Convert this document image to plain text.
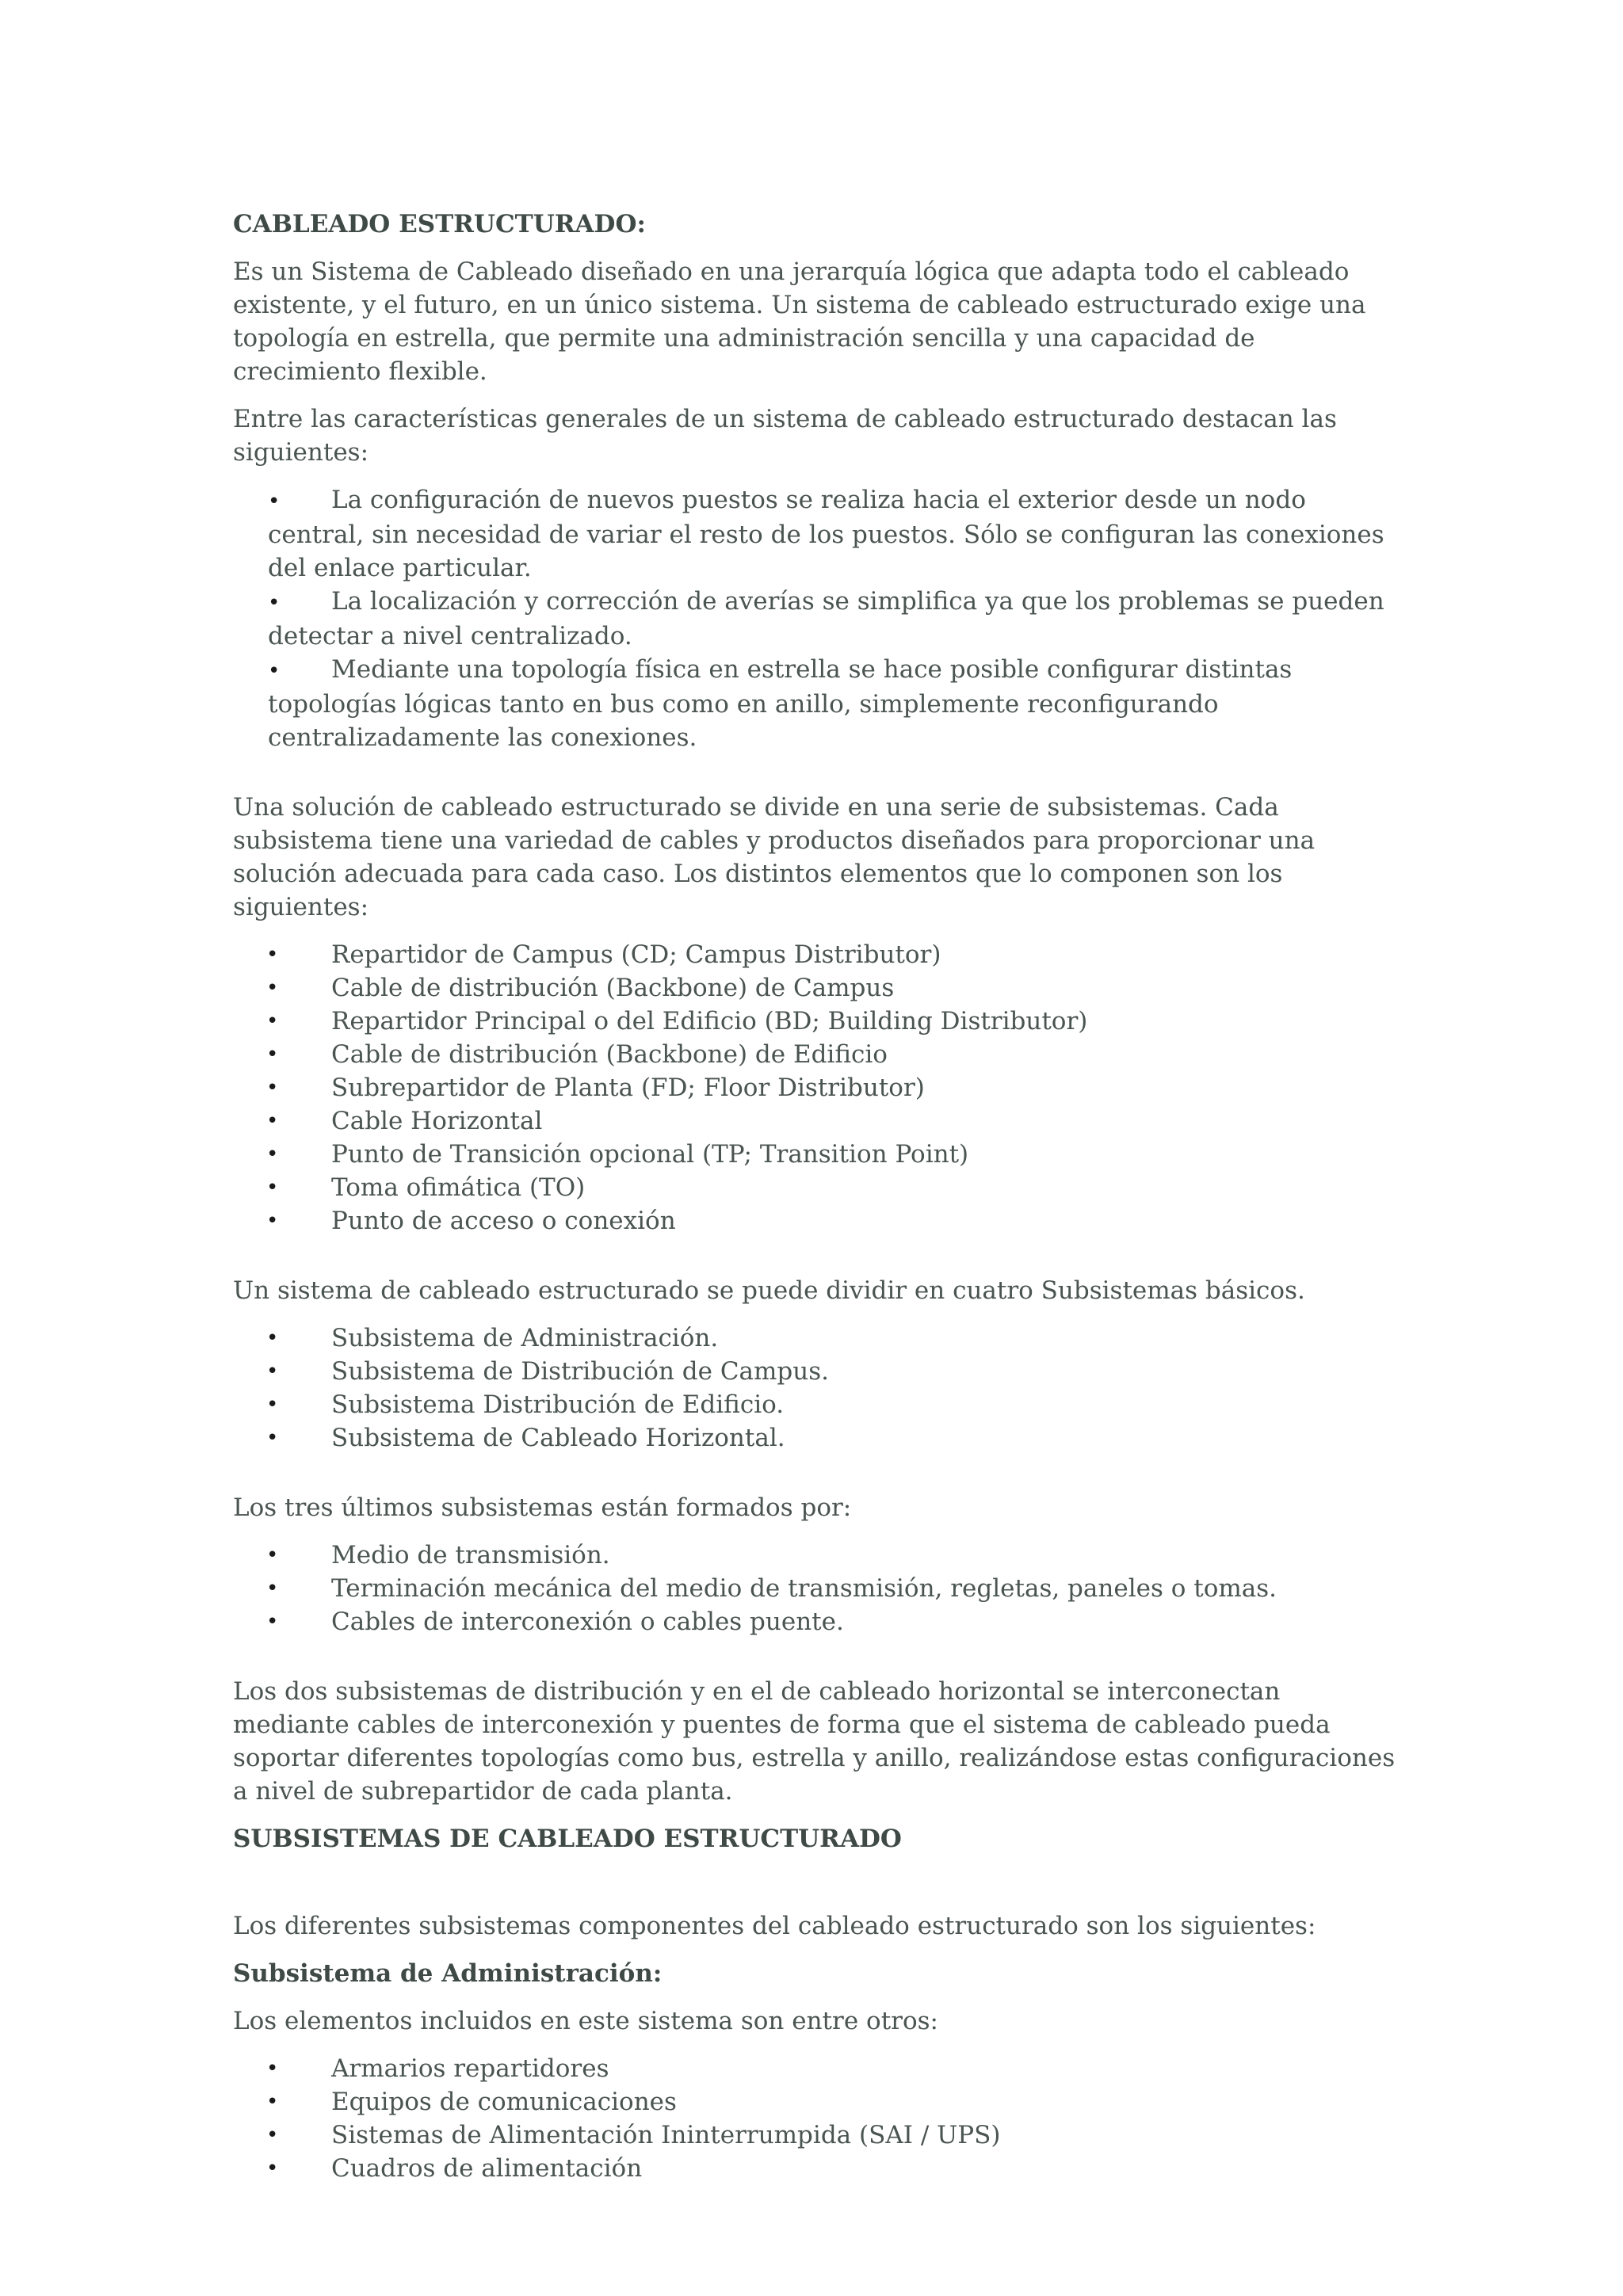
CABLEADO ESTRUCTURADO:

Es un Sistema de Cableado diseñado en una jerarquía lógica que adapta todo el cableado existente, y el futuro, en un único sistema. Un sistema de cableado estructurado exige una topología en estrella, que permite una administración sencilla y una capacidad de crecimiento flexible.

Entre las características generales de un sistema de cableado estructurado destacan las siguientes:

• La configuración de nuevos puestos se realiza hacia el exterior desde un nodo central, sin necesidad de variar el resto de los puestos. Sólo se configuran las conexiones del enlace particular.
• La localización y corrección de averías se simplifica ya que los problemas se pueden detectar a nivel centralizado.
• Mediante una topología física en estrella se hace posible configurar distintas topologías lógicas tanto en bus como en anillo, simplemente reconfigurando centralizadamente las conexiones.

Una solución de cableado estructurado se divide en una serie de subsistemas. Cada subsistema tiene una variedad de cables y productos diseñados para proporcionar una solución adecuada para cada caso. Los distintos elementos que lo componen son los siguientes:

• Repartidor de Campus (CD; Campus Distributor)
• Cable de distribución (Backbone) de Campus
• Repartidor Principal o del Edificio (BD; Building Distributor)
• Cable de distribución (Backbone) de Edificio
• Subrepartidor de Planta (FD; Floor Distributor)
• Cable Horizontal
• Punto de Transición opcional (TP; Transition Point)
• Toma ofimática (TO)
• Punto de acceso o conexión

Un sistema de cableado estructurado se puede dividir en cuatro Subsistemas básicos.

• Subsistema de Administración.
• Subsistema de Distribución de Campus.
• Subsistema Distribución de Edificio.
• Subsistema de Cableado Horizontal.

Los tres últimos subsistemas están formados por:

• Medio de transmisión.
• Terminación mecánica del medio de transmisión, regletas, paneles o tomas.
• Cables de interconexión o cables puente.

Los dos subsistemas de distribución y en el de cableado horizontal se interconectan mediante cables de interconexión y puentes de forma que el sistema de cableado pueda soportar diferentes topologías como bus, estrella y anillo, realizándose estas configuraciones a nivel de subrepartidor de cada planta.

SUBSISTEMAS DE CABLEADO ESTRUCTURADO

Los diferentes subsistemas componentes del cableado estructurado son los siguientes:

Subsistema de Administración:

Los elementos incluidos en este sistema son entre otros:

• Armarios repartidores
• Equipos de comunicaciones
• Sistemas de Alimentación Ininterrumpida (SAI / UPS)
• Cuadros de alimentación
